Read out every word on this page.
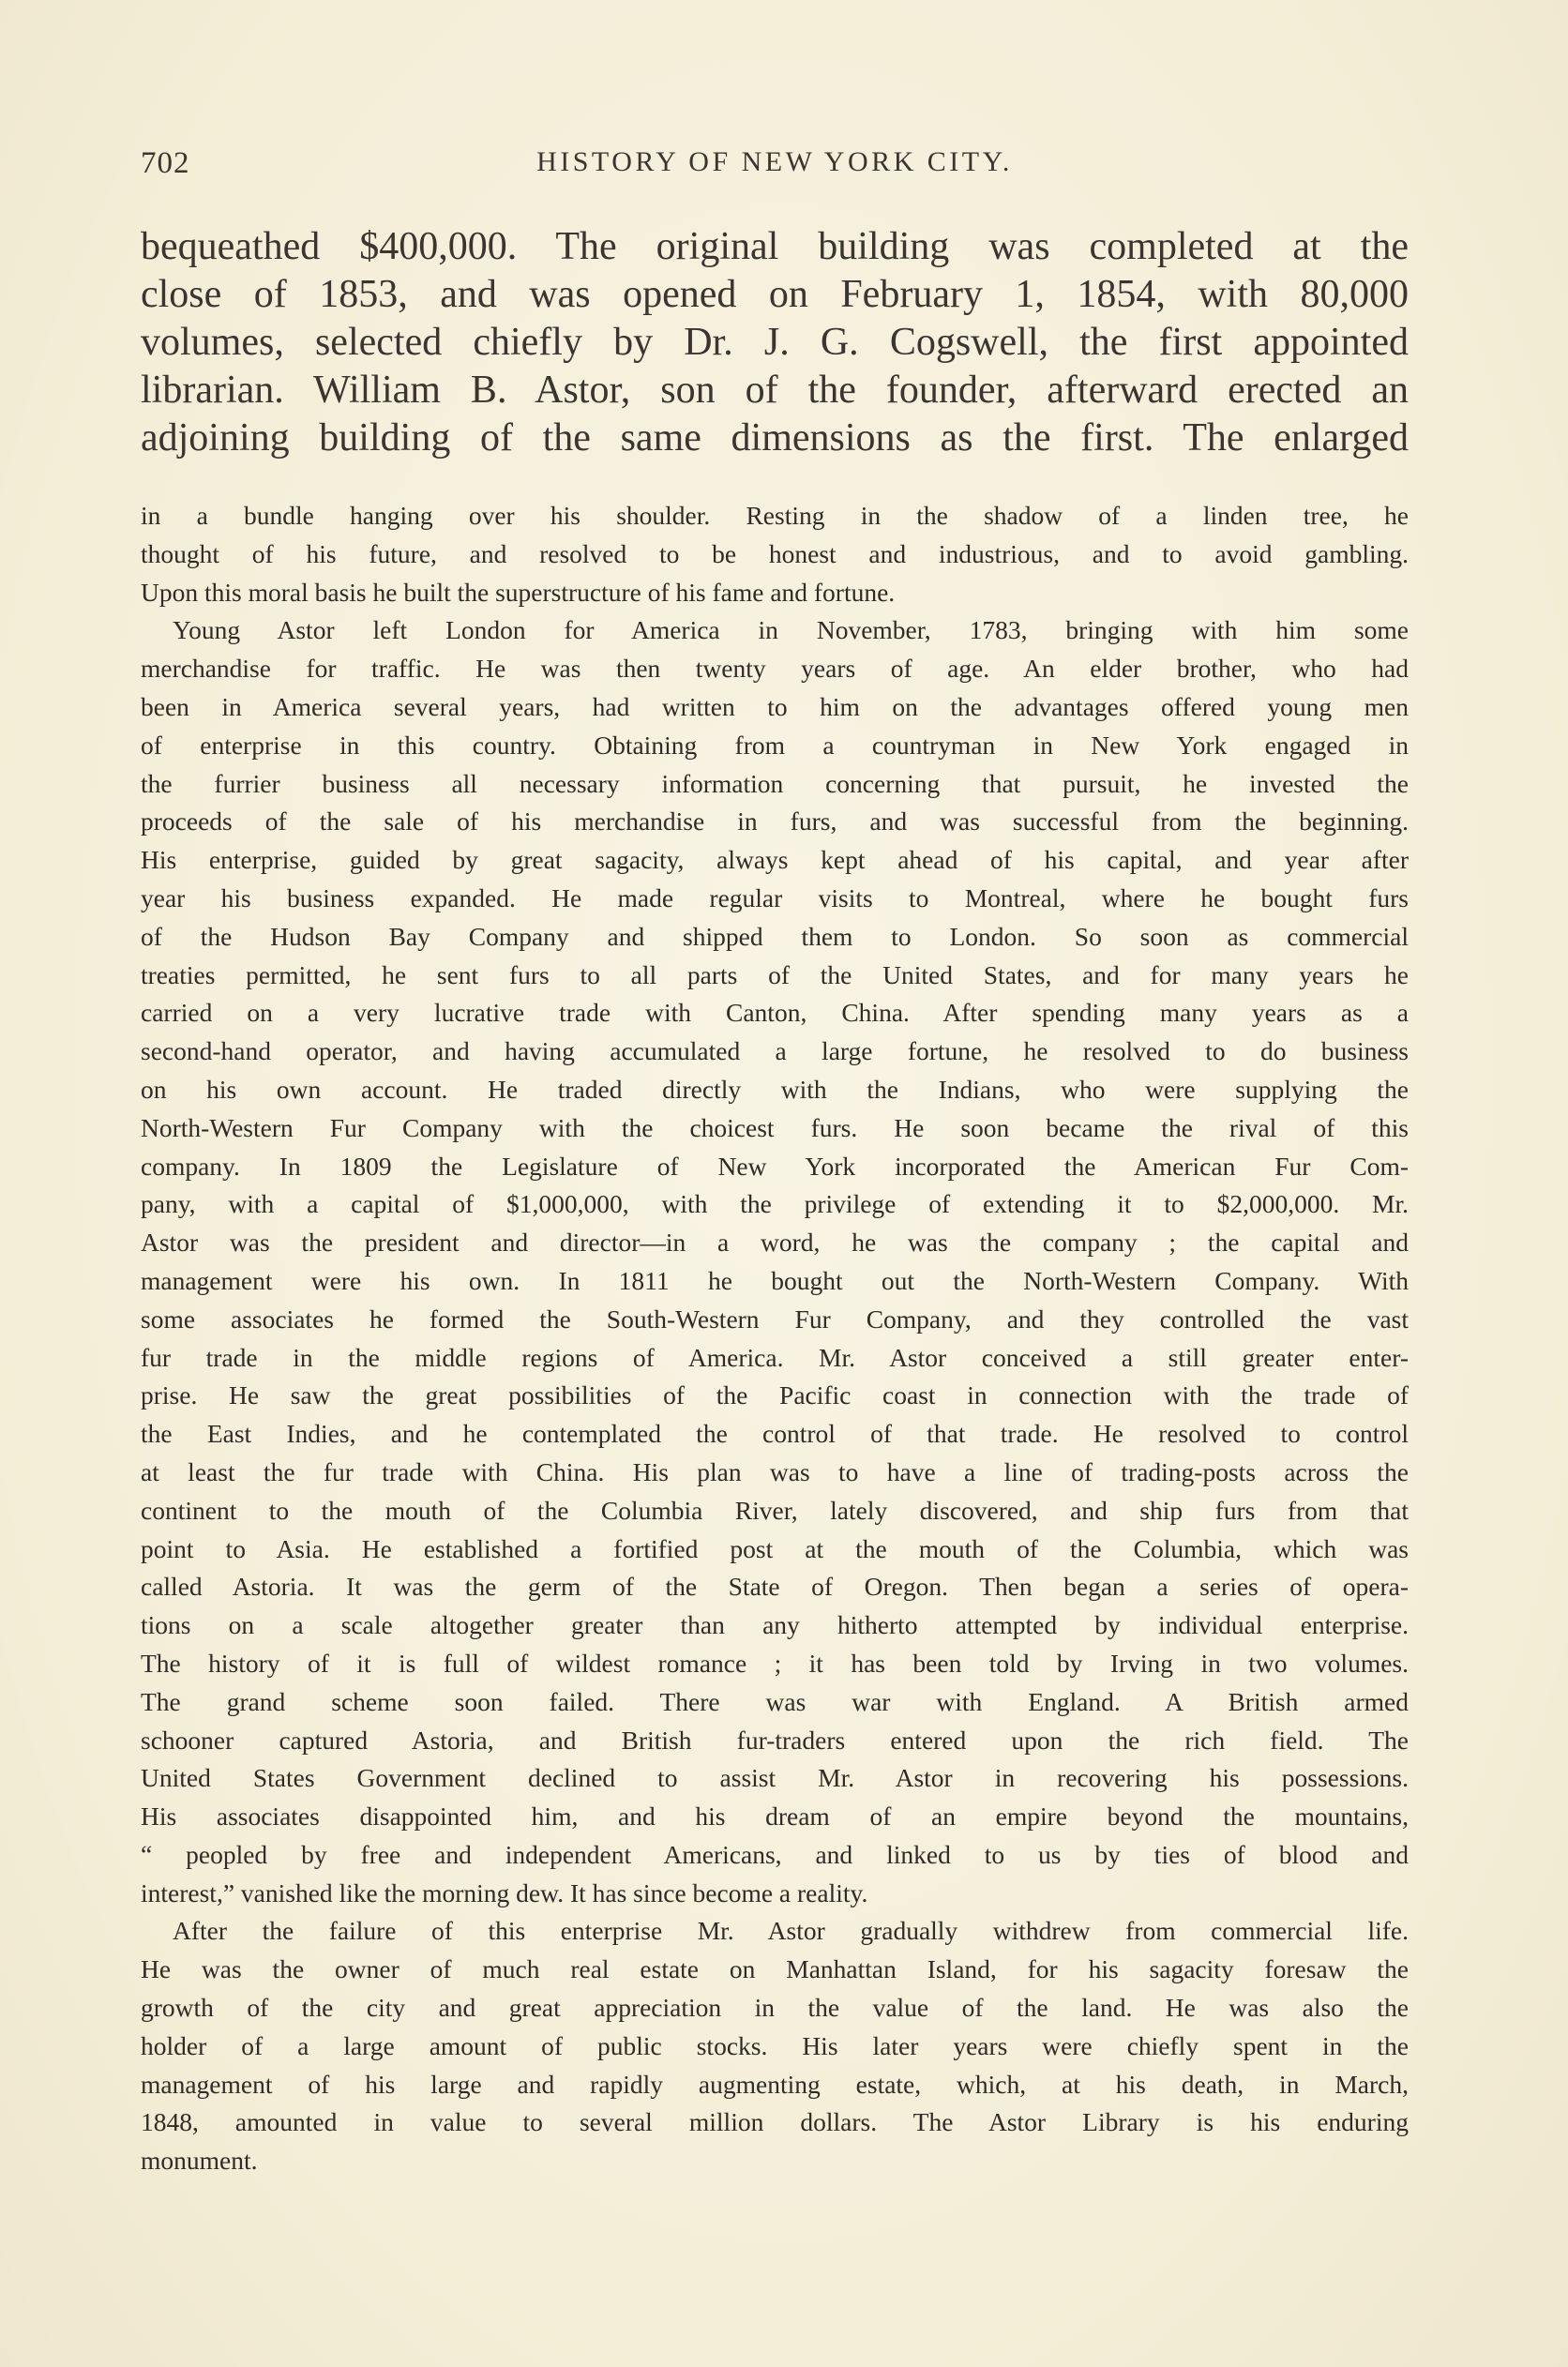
702	HISTORY OF NEW YORK CITY.
bequeathed $400,000. The original building was completed at the
close of 1853, and was opened on February 1, 1854, with 80,000
volumes, selected chiefly by Dr. J. G. Cogswell, the first appointed
librarian. William B. Astor, son of the founder, afterward erected an
adjoining building of the same dimensions as the first. The enlarged
in a bundle hanging over his shoulder. Resting in the shadow of a linden tree, he
thought of his future, and resolved to be honest and industrious, and to avoid gambling.
Upon this moral basis he built the superstructure of his fame and fortune.
Young Astor left London for America in November, 1783, bringing with him some
merchandise for traffic. He was then twenty years of age. An elder brother, who had
been in America several years, had written to him on the advantages offered young men
of enterprise in this country. Obtaining from a countryman in New York engaged in
the furrier business all necessary information concerning that pursuit, he invested the
proceeds of the sale of his merchandise in furs, and was successful from the beginning.
His enterprise, guided by great sagacity, always kept ahead of his capital, and year after
year his business expanded. He made regular visits to Montreal, where he bought furs
of the Hudson Bay Company and shipped them to London. So soon as commercial
treaties permitted, he sent furs to all parts of the United States, and for many years he
carried on a very lucrative trade with Canton, China. After spending many years as a
second-hand operator, and having accumulated a large fortune, he resolved to do business
on his own account. He traded directly with the Indians, who were supplying the
North-Western Fur Company with the choicest furs. He soon became the rival of this
company. In 1809 the Legislature of New York incorporated the American Fur Com-
pany, with a capital of $1,000,000, with the privilege of extending it to $2,000,000. Mr.
Astor was the president and director—in a word, he was the company ; the capital and
management were his own. In 1811 he bought out the North-Western Company. With
some associates he formed the South-Western Fur Company, and they controlled the vast
fur trade in the middle regions of America. Mr. Astor conceived a still greater enter-
prise. He saw the great possibilities of the Pacific coast in connection with the trade of
the East Indies, and he contemplated the control of that trade. He resolved to control
at least the fur trade with China. His plan was to have a line of trading-posts across the
continent to the mouth of the Columbia River, lately discovered, and ship furs from that
point to Asia. He established a fortified post at the mouth of the Columbia, which was
called Astoria. It was the germ of the State of Oregon. Then began a series of opera-
tions on a scale altogether greater than any hitherto attempted by individual enterprise.
The history of it is full of wildest romance ; it has been told by Irving in two volumes.
The grand scheme soon failed. There was war with England. A British armed
schooner captured Astoria, and British fur-traders entered upon the rich field. The
United States Government declined to assist Mr. Astor in recovering his possessions.
His associates disappointed him, and his dream of an empire beyond the mountains,
“ peopled by free and independent Americans, and linked to us by ties of blood and
interest,” vanished like the morning dew. It has since become a reality.
After the failure of this enterprise Mr. Astor gradually withdrew from commercial life.
He was the owner of much real estate on Manhattan Island, for his sagacity foresaw the
growth of the city and great appreciation in the value of the land. He was also the
holder of a large amount of public stocks. His later years were chiefly spent in the
management of his large and rapidly augmenting estate, which, at his death, in March,
1848, amounted in value to several million dollars. The Astor Library is his enduring
monument.
